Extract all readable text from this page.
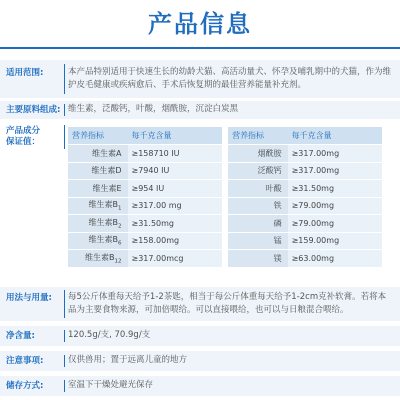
产品信息
适用范围:	本产品特别适用于快速生长的幼龄犬猫、高活动量犬、怀孕及哺乳期中的犬猫，作为维护皮毛健康或疾病愈后、手术后恢复期的最佳营养能量补充剂。
主要原料组成: 维生素，泛酸钙，叶酸，烟酰胺，沉淀白炭黑
产品成分
保证值：
营养指标	每千克含量		营养指标	每千克含量
维生素A	≥158710 IU		烟酰胺	≥317.00mg
维生素D	≥7940 IU		泛酸钙	≥317.00mg
维生素E	≥954 IU		叶酸	≥31.50mg
维生素$B_1$	≥317.00 mg		铁	≥79.00mg
维生素$B_2$	≥31.50mg		磷	≥79.00mg
维生素$B_6$	≥158.00mg		锰	≥159.00mg
维生素$B_{12}$	≥317.00mcg		镁	≥63.00mg
用法与用量:	每5公斤体重每天给予1-2茶匙，相当于每公斤体重每天给予1-2cm克补软膏。若将本品为主要食物来源，可加倍喂给。可以直接喂给，也可以与日粮混合喂给。
净含量:	120.5g/支, 70.9g/支
注意事项:	仅供兽用；置于远离儿童的地方
储存方式:	室温下干燥处避光保存
